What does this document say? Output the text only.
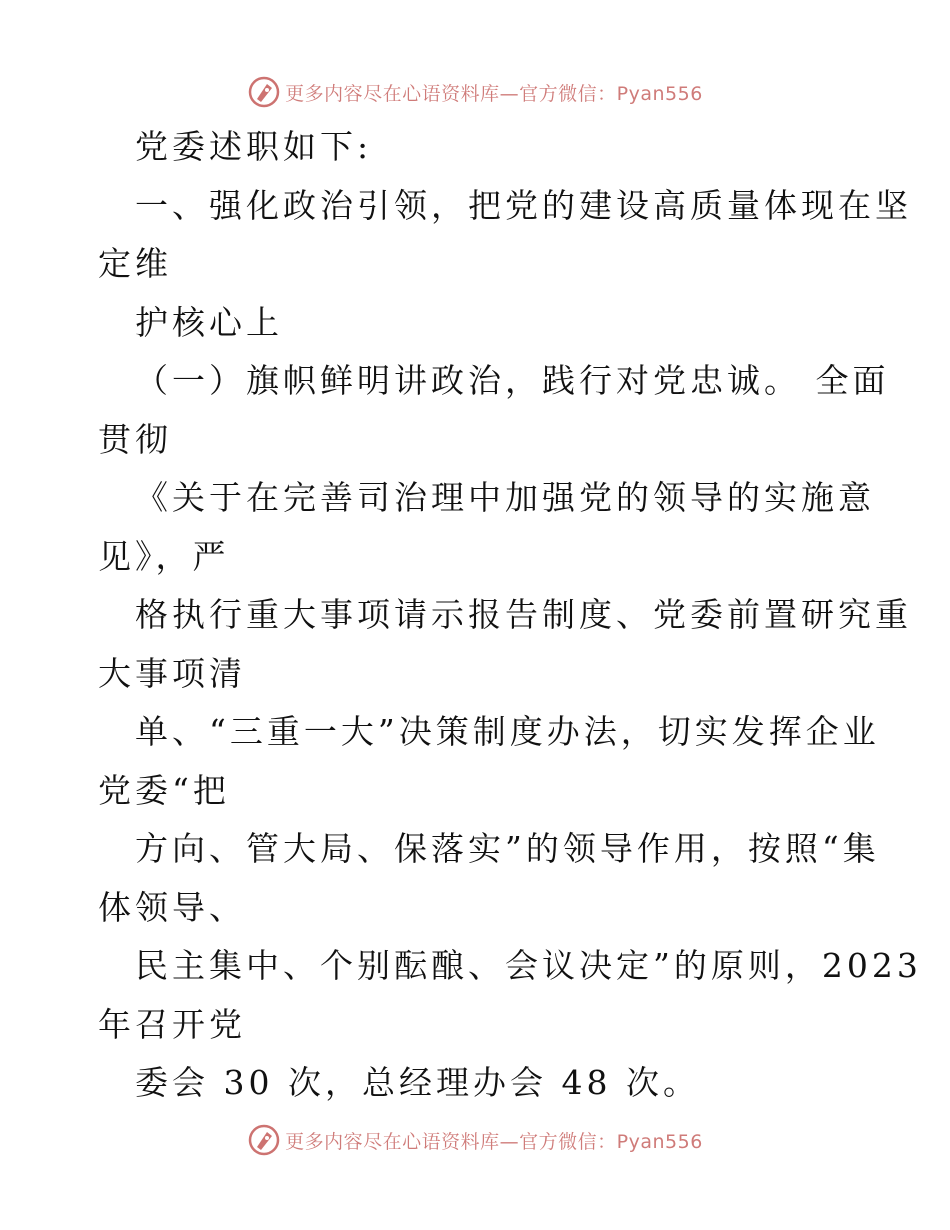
更多内容尽在心语资料库—官方微信：Pyan556
党委述职如下:
一、强化政治引领，把党的建设高质量体现在坚
定维
护核心上
（一）旗帜鲜明讲政治，践行对党忠诚。 全面
贯彻
《关于在完善司治理中加强党的领导的实施意
见》，严
格执行重大事项请示报告制度、党委前置研究重
大事项清
单、“三重一大”决策制度办法，切实发挥企业
党委“把
方向、管大局、保落实”的领导作用，按照“集
体领导、
民主集中、个别酝酿、会议决定”的原则，2023
年召开党
委会 30 次，总经理办会 48 次。
更多内容尽在心语资料库—官方微信：Pyan556
